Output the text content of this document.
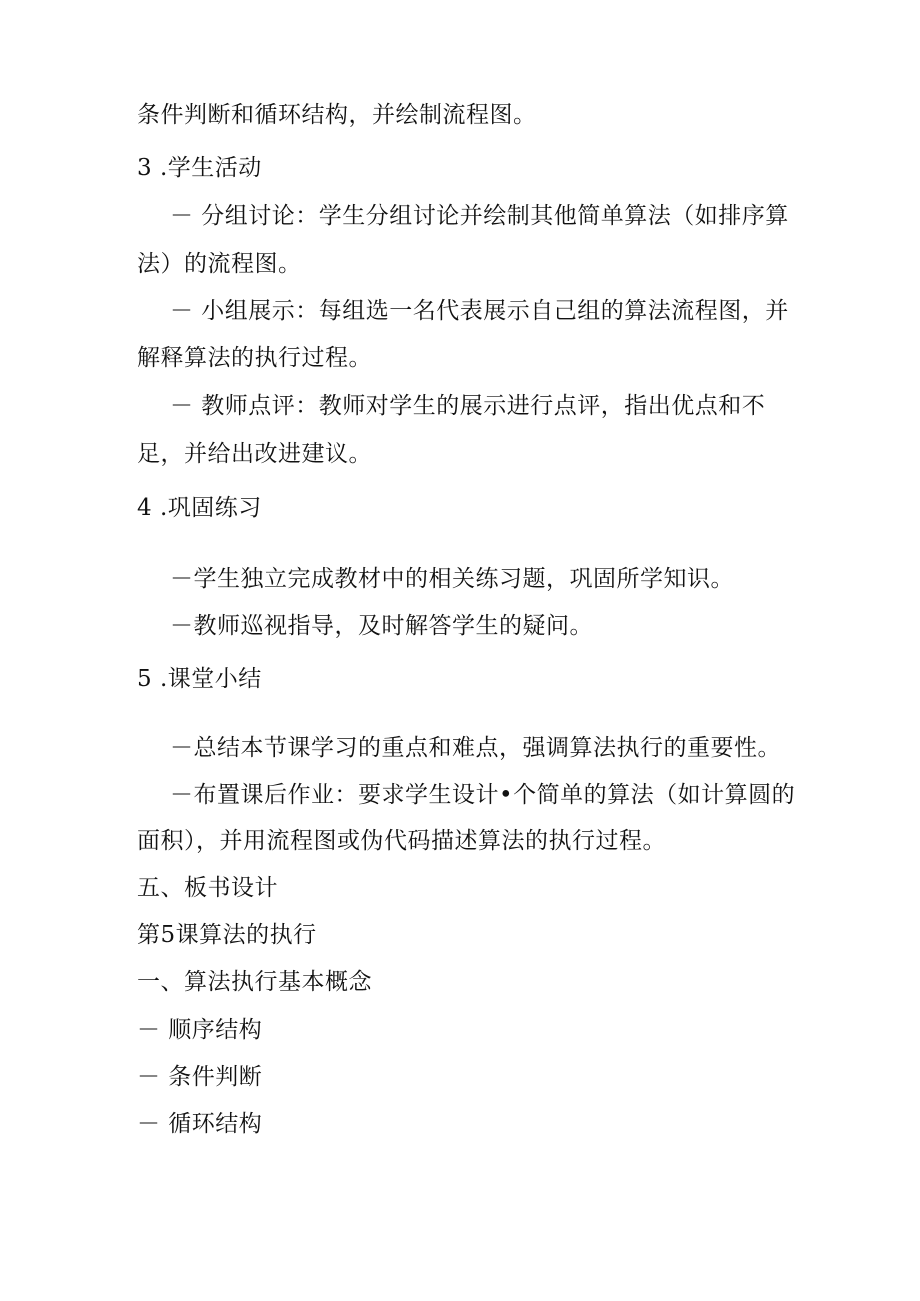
条件判断和循环结构，并绘制流程图。
3 .学生活动
－ 分组讨论：学生分组讨论并绘制其他简单算法（如排序算
法）的流程图。
－ 小组展示：每组选一名代表展示自己组的算法流程图，并
解释算法的执行过程。
－ 教师点评：教师对学生的展示进行点评，指出优点和不
足，并给出改进建议。
4 .巩固练习
－学生独立完成教材中的相关练习题，巩固所学知识。
－教师巡视指导，及时解答学生的疑问。
5 .课堂小结
－总结本节课学习的重点和难点，强调算法执行的重要性。
－布置课后作业：要求学生设计•个简单的算法（如计算圆的
面积），并用流程图或伪代码描述算法的执行过程。
五、板书设计
第5课算法的执行
一、算法执行基本概念
－ 顺序结构
－ 条件判断
－ 循环结构
